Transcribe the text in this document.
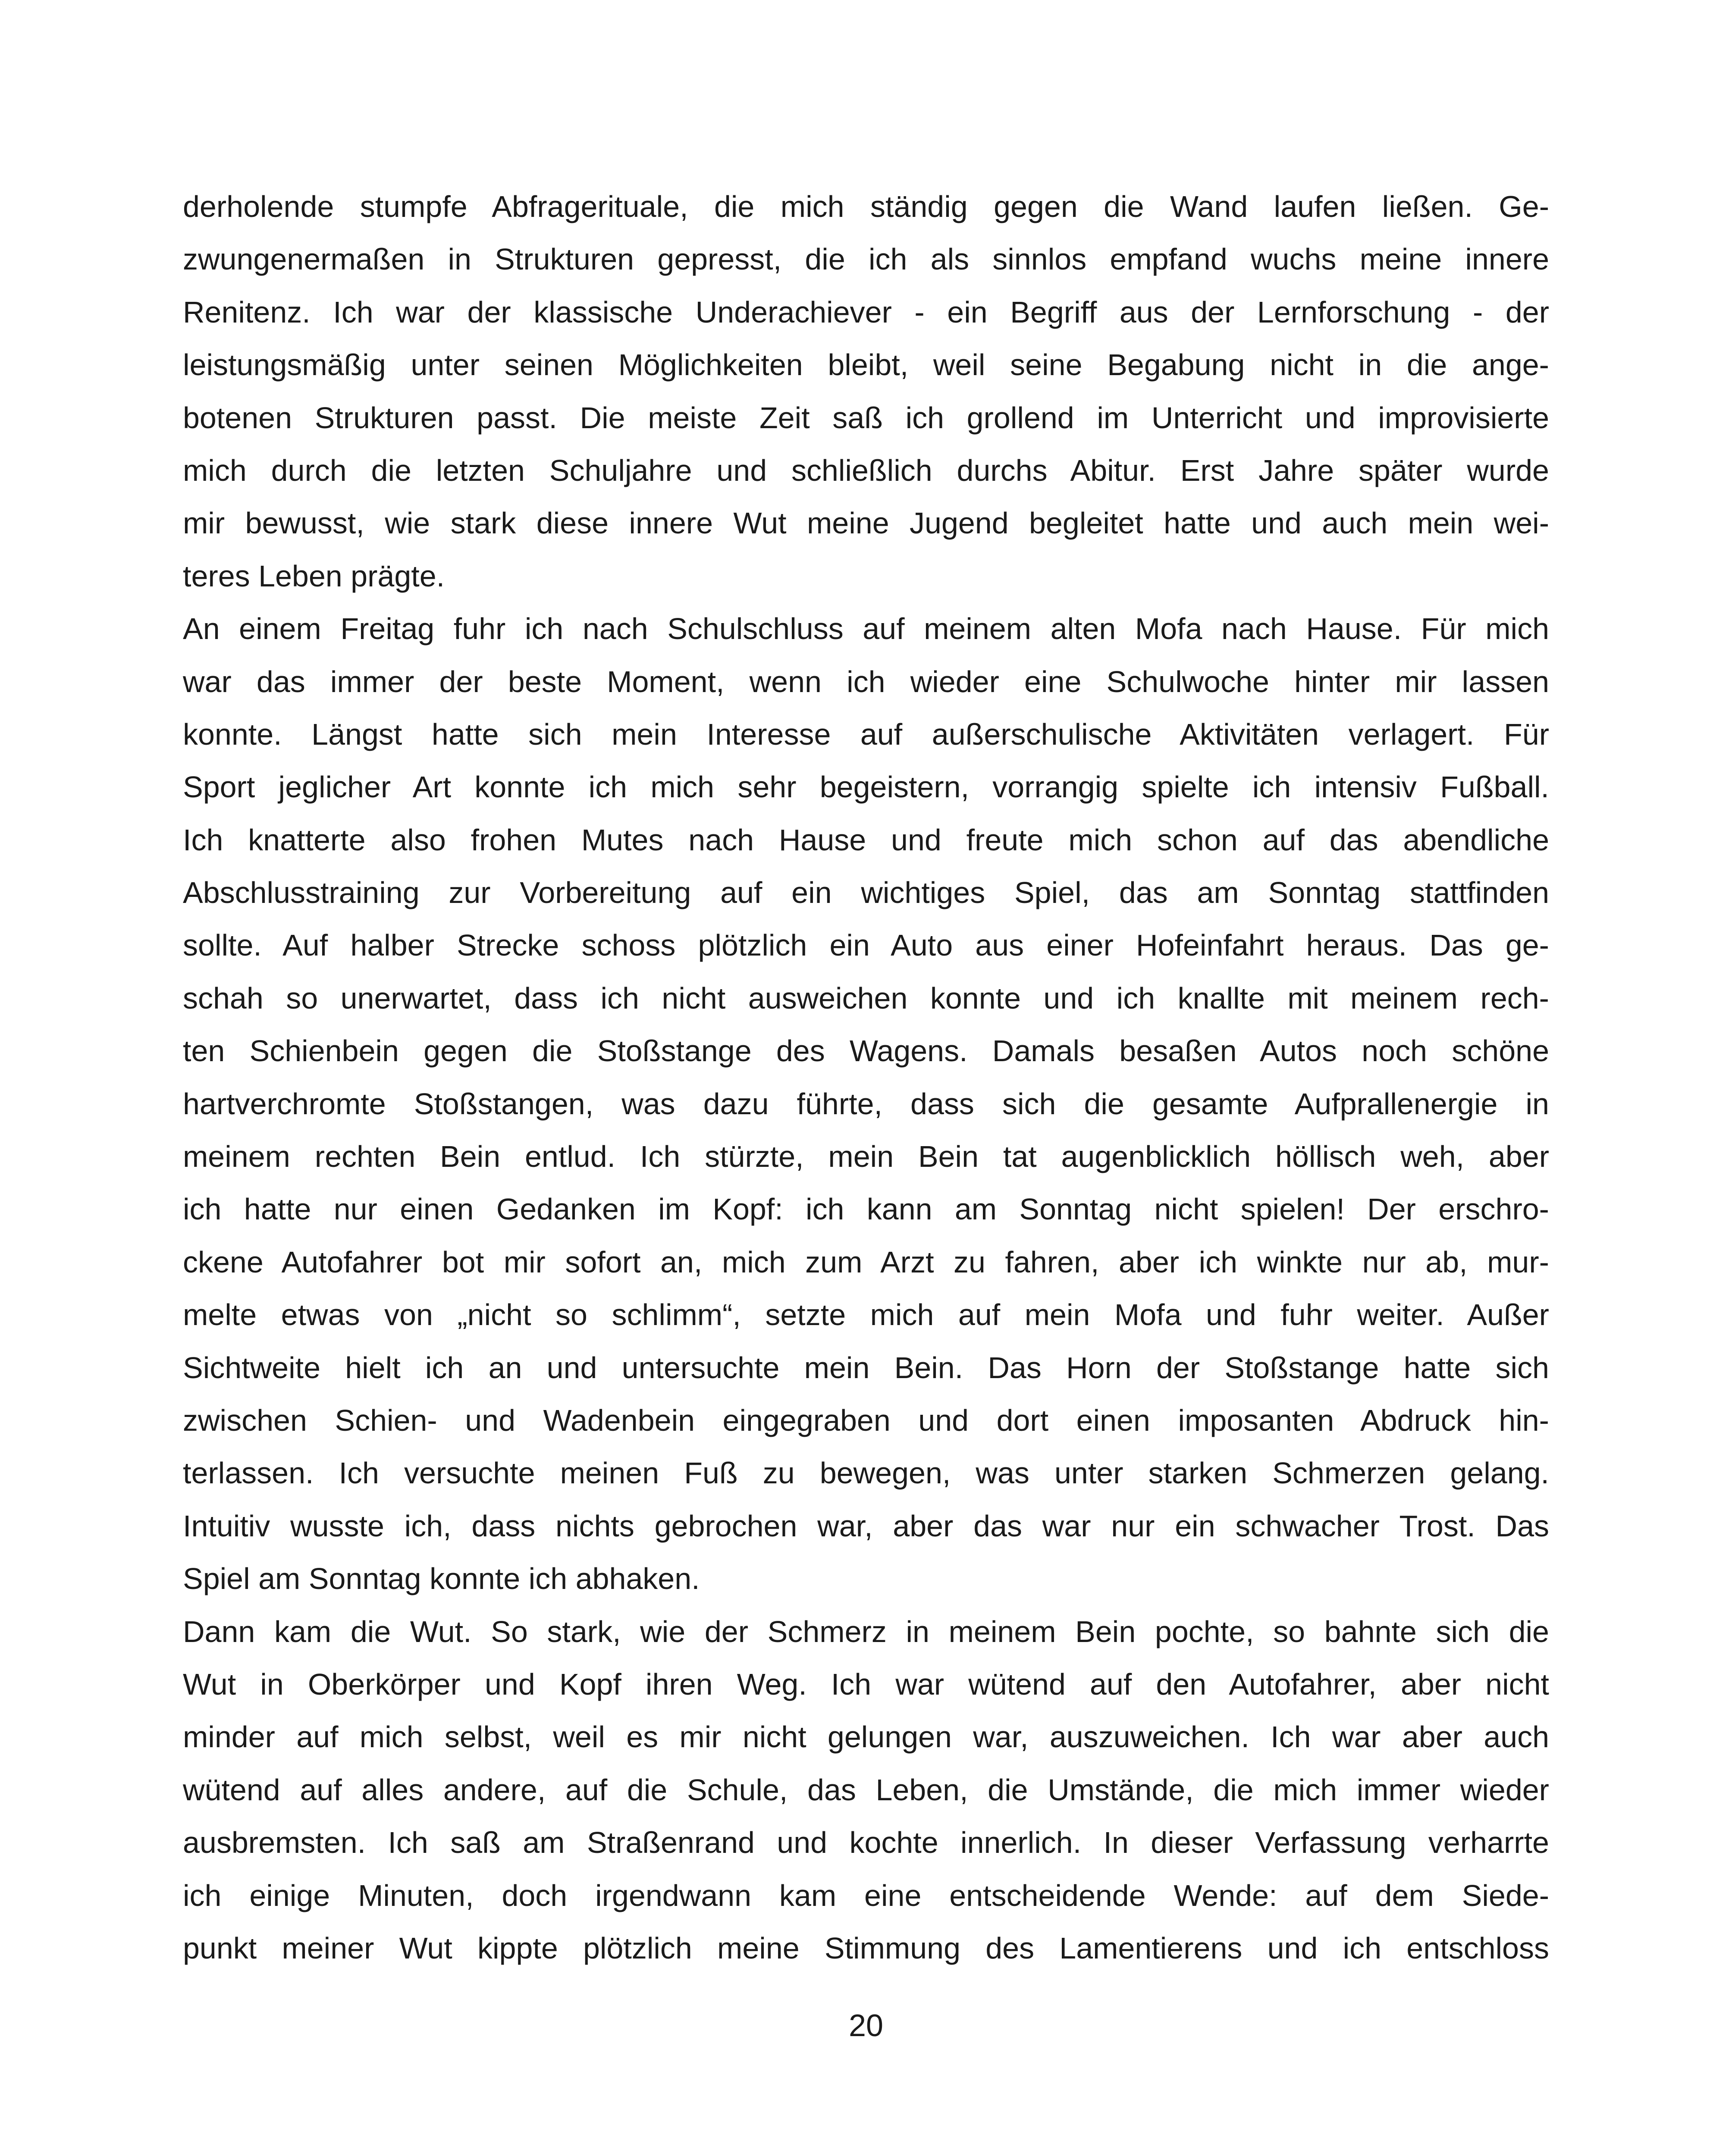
derholende stumpfe Abfragerituale, die mich ständig gegen die Wand laufen ließen. Ge-
zwungenermaßen in Strukturen gepresst, die ich als sinnlos empfand wuchs meine innere
Renitenz. Ich war der klassische Underachiever - ein Begriff aus der Lernforschung - der
leistungsmäßig unter seinen Möglichkeiten bleibt, weil seine Begabung nicht in die ange-
botenen Strukturen passt. Die meiste Zeit saß ich grollend im Unterricht und improvisierte
mich durch die letzten Schuljahre und schließlich durchs Abitur. Erst Jahre später wurde
mir bewusst, wie stark diese innere Wut meine Jugend begleitet hatte und auch mein wei-
teres Leben prägte.
An einem Freitag fuhr ich nach Schulschluss auf meinem alten Mofa nach Hause. Für mich
war das immer der beste Moment, wenn ich wieder eine Schulwoche hinter mir lassen
konnte. Längst hatte sich mein Interesse auf außerschulische Aktivitäten verlagert. Für
Sport jeglicher Art konnte ich mich sehr begeistern, vorrangig spielte ich intensiv Fußball.
Ich knatterte also frohen Mutes nach Hause und freute mich schon auf das abendliche
Abschlusstraining zur Vorbereitung auf ein wichtiges Spiel, das am Sonntag stattfinden
sollte. Auf halber Strecke schoss plötzlich ein Auto aus einer Hofeinfahrt heraus. Das ge-
schah so unerwartet, dass ich nicht ausweichen konnte und ich knallte mit meinem rech-
ten Schienbein gegen die Stoßstange des Wagens. Damals besaßen Autos noch schöne
hartverchromte Stoßstangen, was dazu führte, dass sich die gesamte Aufprallenergie in
meinem rechten Bein entlud. Ich stürzte, mein Bein tat augenblicklich höllisch weh, aber
ich hatte nur einen Gedanken im Kopf: ich kann am Sonntag nicht spielen! Der erschro-
ckene Autofahrer bot mir sofort an, mich zum Arzt zu fahren, aber ich winkte nur ab, mur-
melte etwas von „nicht so schlimm“, setzte mich auf mein Mofa und fuhr weiter. Außer
Sichtweite hielt ich an und untersuchte mein Bein. Das Horn der Stoßstange hatte sich
zwischen Schien- und Wadenbein eingegraben und dort einen imposanten Abdruck hin-
terlassen. Ich versuchte meinen Fuß zu bewegen, was unter starken Schmerzen gelang.
Intuitiv wusste ich, dass nichts gebrochen war, aber das war nur ein schwacher Trost. Das
Spiel am Sonntag konnte ich abhaken.
Dann kam die Wut. So stark, wie der Schmerz in meinem Bein pochte, so bahnte sich die
Wut in Oberkörper und Kopf ihren Weg. Ich war wütend auf den Autofahrer, aber nicht
minder auf mich selbst, weil es mir nicht gelungen war, auszuweichen. Ich war aber auch
wütend auf alles andere, auf die Schule, das Leben, die Umstände, die mich immer wieder
ausbremsten. Ich saß am Straßenrand und kochte innerlich. In dieser Verfassung verharrte
ich einige Minuten, doch irgendwann kam eine entscheidende Wende: auf dem Siede-
punkt meiner Wut kippte plötzlich meine Stimmung des Lamentierens und ich entschloss
20
